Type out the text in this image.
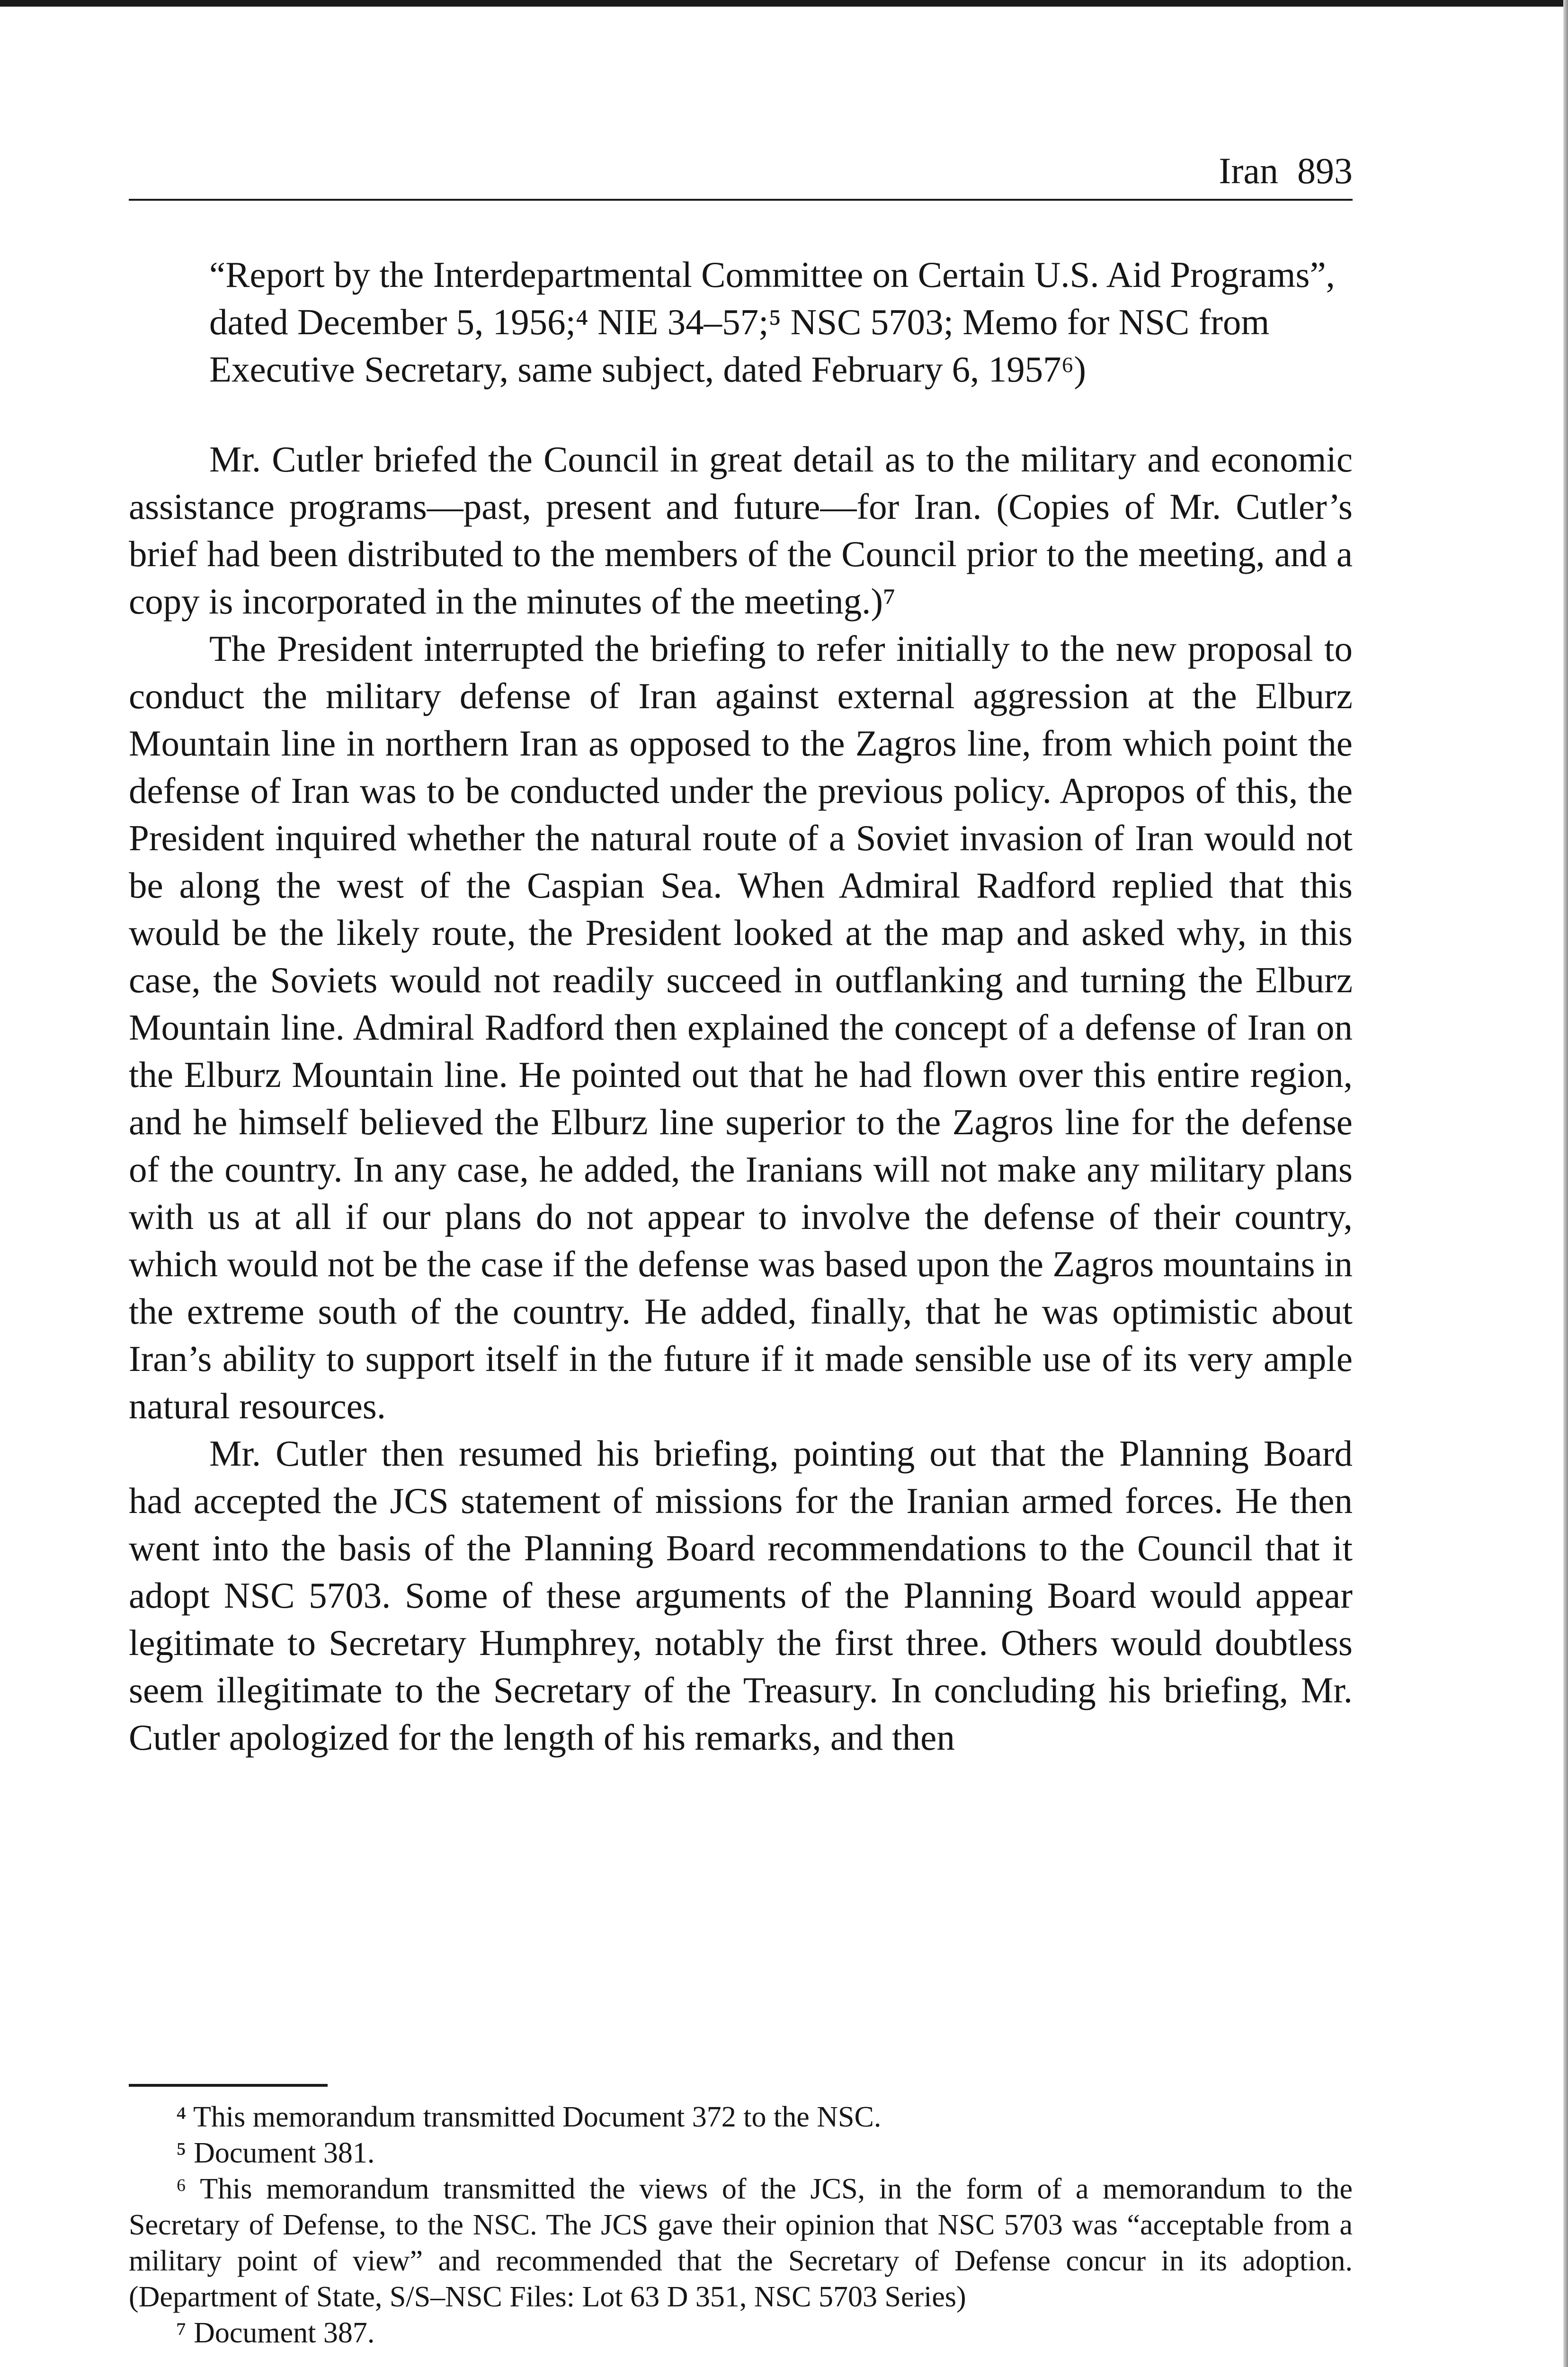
Iran 893

“Report by the Interdepartmental Committee on Certain U.S. Aid Programs”, dated December 5, 1956;⁴ NIE 34–57;⁵ NSC 5703; Memo for NSC from Executive Secretary, same subject, dated February 6, 1957⁶)

Mr. Cutler briefed the Council in great detail as to the military and economic assistance programs—past, present and future—for Iran. (Copies of Mr. Cutler’s brief had been distributed to the members of the Council prior to the meeting, and a copy is incorporated in the minutes of the meeting.)⁷

The President interrupted the briefing to refer initially to the new proposal to conduct the military defense of Iran against external aggression at the Elburz Mountain line in northern Iran as opposed to the Zagros line, from which point the defense of Iran was to be conducted under the previous policy. Apropos of this, the President inquired whether the natural route of a Soviet invasion of Iran would not be along the west of the Caspian Sea. When Admiral Radford replied that this would be the likely route, the President looked at the map and asked why, in this case, the Soviets would not readily succeed in outflanking and turning the Elburz Mountain line. Admiral Radford then explained the concept of a defense of Iran on the Elburz Mountain line. He pointed out that he had flown over this entire region, and he himself believed the Elburz line superior to the Zagros line for the defense of the country. In any case, he added, the Iranians will not make any military plans with us at all if our plans do not appear to involve the defense of their country, which would not be the case if the defense was based upon the Zagros mountains in the extreme south of the country. He added, finally, that he was optimistic about Iran’s ability to support itself in the future if it made sensible use of its very ample natural resources.

Mr. Cutler then resumed his briefing, pointing out that the Planning Board had accepted the JCS statement of missions for the Iranian armed forces. He then went into the basis of the Planning Board recommendations to the Council that it adopt NSC 5703. Some of these arguments of the Planning Board would appear legitimate to Secretary Humphrey, notably the first three. Others would doubtless seem illegitimate to the Secretary of the Treasury. In concluding his briefing, Mr. Cutler apologized for the length of his remarks, and then

⁴ This memorandum transmitted Document 372 to the NSC.

⁵ Document 381.

⁶ This memorandum transmitted the views of the JCS, in the form of a memorandum to the Secretary of Defense, to the NSC. The JCS gave their opinion that NSC 5703 was “acceptable from a military point of view” and recommended that the Secretary of Defense concur in its adoption. (Department of State, S/S–NSC Files: Lot 63 D 351, NSC 5703 Series)

⁷ Document 387.
